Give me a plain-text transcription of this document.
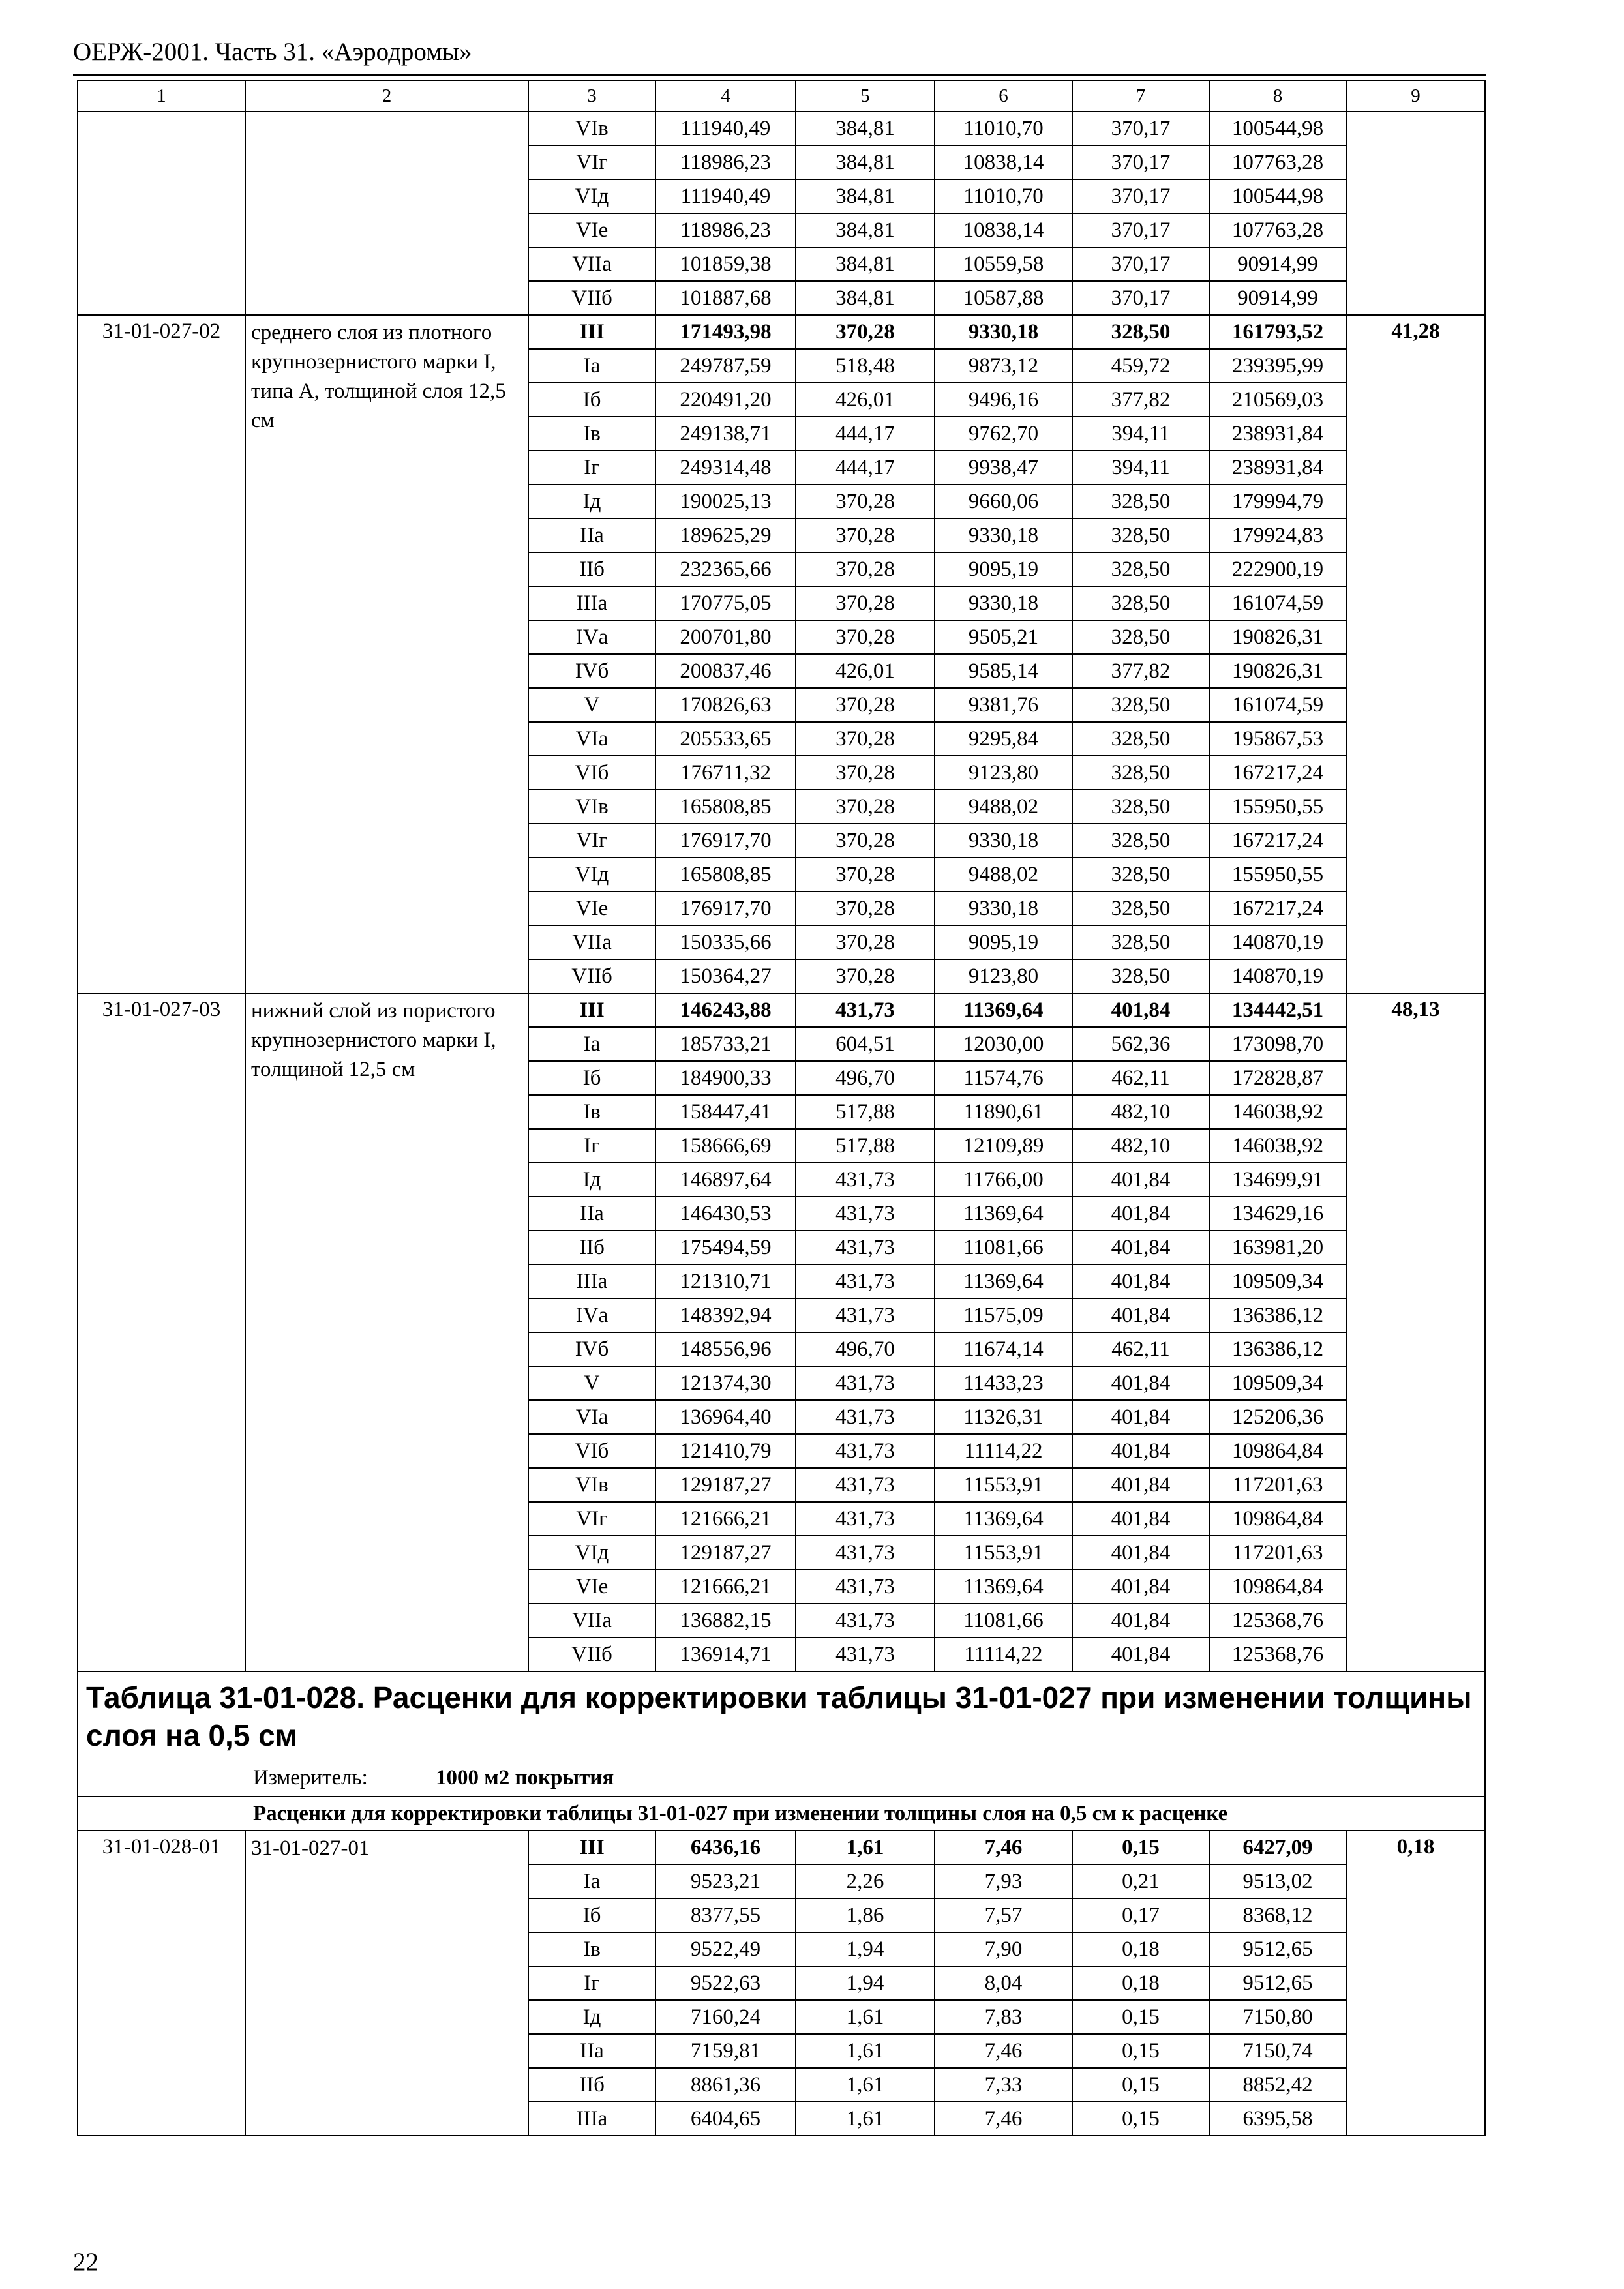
ОЕРЖ-2001. Часть 31. «Аэродромы»
1	2	3	4	5	6	7	8	9
		VIв	111940,49	384,81	11010,70	370,17	100544,98	
		VIг	118986,23	384,81	10838,14	370,17	107763,28	
		VIд	111940,49	384,81	11010,70	370,17	100544,98	
		VIе	118986,23	384,81	10838,14	370,17	107763,28	
		VIIа	101859,38	384,81	10559,58	370,17	90914,99	
		VIIб	101887,68	384,81	10587,88	370,17	90914,99	
31-01-027-02	среднего слоя из плотного крупнозернистого марки I, типа А, толщиной слоя 12,5 см	III	171493,98	370,28	9330,18	328,50	161793,52	41,28
		Iа	249787,59	518,48	9873,12	459,72	239395,99	
		Iб	220491,20	426,01	9496,16	377,82	210569,03	
		Iв	249138,71	444,17	9762,70	394,11	238931,84	
		Iг	249314,48	444,17	9938,47	394,11	238931,84	
		Iд	190025,13	370,28	9660,06	328,50	179994,79	
		IIа	189625,29	370,28	9330,18	328,50	179924,83	
		IIб	232365,66	370,28	9095,19	328,50	222900,19	
		IIIа	170775,05	370,28	9330,18	328,50	161074,59	
		IVа	200701,80	370,28	9505,21	328,50	190826,31	
		IVб	200837,46	426,01	9585,14	377,82	190826,31	
		V	170826,63	370,28	9381,76	328,50	161074,59	
		VIа	205533,65	370,28	9295,84	328,50	195867,53	
		VIб	176711,32	370,28	9123,80	328,50	167217,24	
		VIв	165808,85	370,28	9488,02	328,50	155950,55	
		VIг	176917,70	370,28	9330,18	328,50	167217,24	
		VIд	165808,85	370,28	9488,02	328,50	155950,55	
		VIе	176917,70	370,28	9330,18	328,50	167217,24	
		VIIа	150335,66	370,28	9095,19	328,50	140870,19	
		VIIб	150364,27	370,28	9123,80	328,50	140870,19	
31-01-027-03	нижний слой из пористого крупнозернистого марки I, толщиной 12,5 см	III	146243,88	431,73	11369,64	401,84	134442,51	48,13
		Iа	185733,21	604,51	12030,00	562,36	173098,70	
		Iб	184900,33	496,70	11574,76	462,11	172828,87	
		Iв	158447,41	517,88	11890,61	482,10	146038,92	
		Iг	158666,69	517,88	12109,89	482,10	146038,92	
		Iд	146897,64	431,73	11766,00	401,84	134699,91	
		IIа	146430,53	431,73	11369,64	401,84	134629,16	
		IIб	175494,59	431,73	11081,66	401,84	163981,20	
		IIIа	121310,71	431,73	11369,64	401,84	109509,34	
		IVа	148392,94	431,73	11575,09	401,84	136386,12	
		IVб	148556,96	496,70	11674,14	462,11	136386,12	
		V	121374,30	431,73	11433,23	401,84	109509,34	
		VIа	136964,40	431,73	11326,31	401,84	125206,36	
		VIб	121410,79	431,73	11114,22	401,84	109864,84	
		VIв	129187,27	431,73	11553,91	401,84	117201,63	
		VIг	121666,21	431,73	11369,64	401,84	109864,84	
		VIд	129187,27	431,73	11553,91	401,84	117201,63	
		VIе	121666,21	431,73	11369,64	401,84	109864,84	
		VIIа	136882,15	431,73	11081,66	401,84	125368,76	
		VIIб	136914,71	431,73	11114,22	401,84	125368,76	
Таблица 31-01-028. Расценки для корректировки таблицы 31-01-027 при изменении толщины слоя на 0,5 см								
Измеритель: 1000 м2 покрытия								
Расценки для корректировки таблицы 31-01-027 при изменении толщины слоя на 0,5 см к расценке								
31-01-028-01	31-01-027-01	III	6436,16	1,61	7,46	0,15	6427,09	0,18
		Iа	9523,21	2,26	7,93	0,21	9513,02	
		Iб	8377,55	1,86	7,57	0,17	8368,12	
		Iв	9522,49	1,94	7,90	0,18	9512,65	
		Iг	9522,63	1,94	8,04	0,18	9512,65	
		Iд	7160,24	1,61	7,83	0,15	7150,80	
		IIа	7159,81	1,61	7,46	0,15	7150,74	
		IIб	8861,36	1,61	7,33	0,15	8852,42	
		IIIа	6404,65	1,61	7,46	0,15	6395,58	
22
